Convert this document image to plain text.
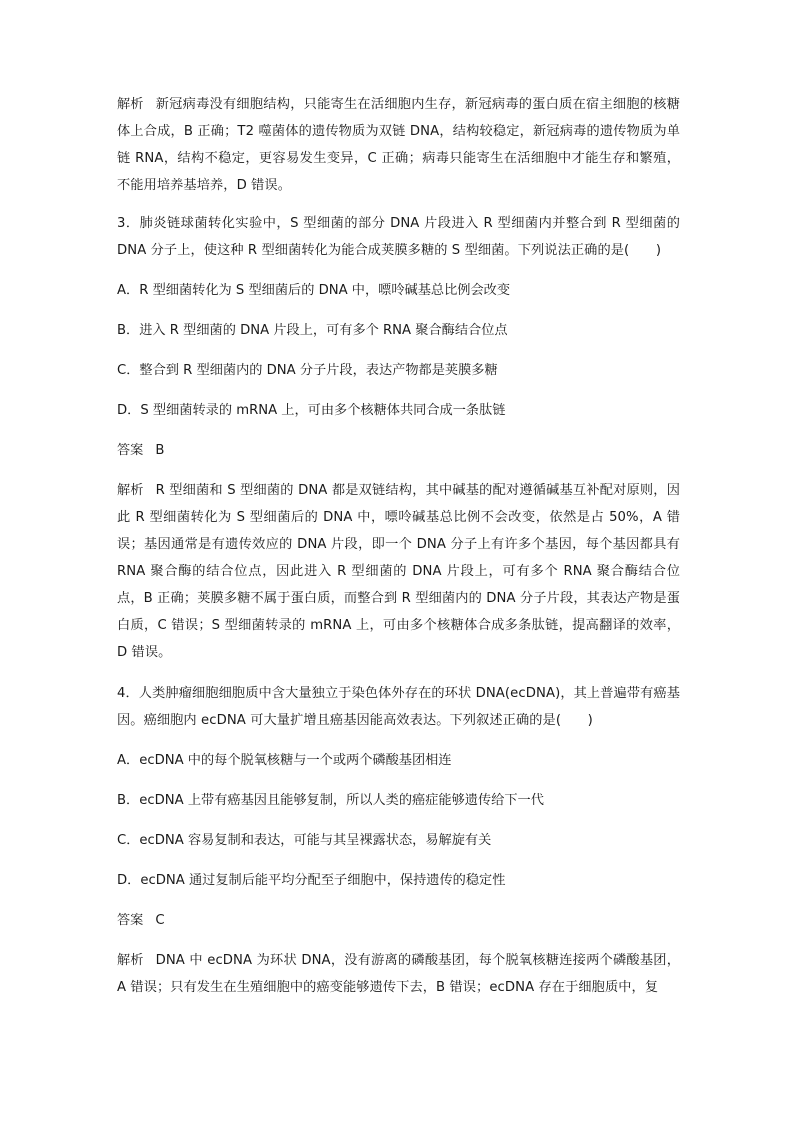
解析 新冠病毒没有细胞结构，只能寄生在活细胞内生存，新冠病毒的蛋白质在宿主细胞的核糖体上合成，B 正确；T2 噬菌体的遗传物质为双链 DNA，结构较稳定，新冠病毒的遗传物质为单链 RNA，结构不稳定，更容易发生变异，C 正确；病毒只能寄生在活细胞中才能生存和繁殖，不能用培养基培养，D 错误。

3．肺炎链球菌转化实验中，S 型细菌的部分 DNA 片段进入 R 型细菌内并整合到 R 型细菌的 DNA 分子上，使这种 R 型细菌转化为能合成荚膜多糖的 S 型细菌。下列说法正确的是(　　)

A．R 型细菌转化为 S 型细菌后的 DNA 中，嘌呤碱基总比例会改变

B．进入 R 型细菌的 DNA 片段上，可有多个 RNA 聚合酶结合位点

C．整合到 R 型细菌内的 DNA 分子片段，表达产物都是荚膜多糖

D．S 型细菌转录的 mRNA 上，可由多个核糖体共同合成一条肽链

答案 B

解析 R 型细菌和 S 型细菌的 DNA 都是双链结构，其中碱基的配对遵循碱基互补配对原则，因此 R 型细菌转化为 S 型细菌后的 DNA 中，嘌呤碱基总比例不会改变，依然是占 50%，A 错误；基因通常是有遗传效应的 DNA 片段，即一个 DNA 分子上有许多个基因，每个基因都具有 RNA 聚合酶的结合位点，因此进入 R 型细菌的 DNA 片段上，可有多个 RNA 聚合酶结合位点，B 正确；荚膜多糖不属于蛋白质，而整合到 R 型细菌内的 DNA 分子片段，其表达产物是蛋白质，C 错误；S 型细菌转录的 mRNA 上，可由多个核糖体合成多条肽链，提高翻译的效率，D 错误。

4．人类肿瘤细胞细胞质中含大量独立于染色体外存在的环状 DNA(ecDNA)，其上普遍带有癌基因。癌细胞内 ecDNA 可大量扩增且癌基因能高效表达。下列叙述正确的是(　　)

A．ecDNA 中的每个脱氧核糖与一个或两个磷酸基团相连

B．ecDNA 上带有癌基因且能够复制，所以人类的癌症能够遗传给下一代

C．ecDNA 容易复制和表达，可能与其呈裸露状态，易解旋有关

D．ecDNA 通过复制后能平均分配至子细胞中，保持遗传的稳定性

答案 C

解析 DNA 中 ecDNA 为环状 DNA，没有游离的磷酸基团，每个脱氧核糖连接两个磷酸基团，A 错误；只有发生在生殖细胞中的癌变能够遗传下去，B 错误；ecDNA 存在于细胞质中，复
